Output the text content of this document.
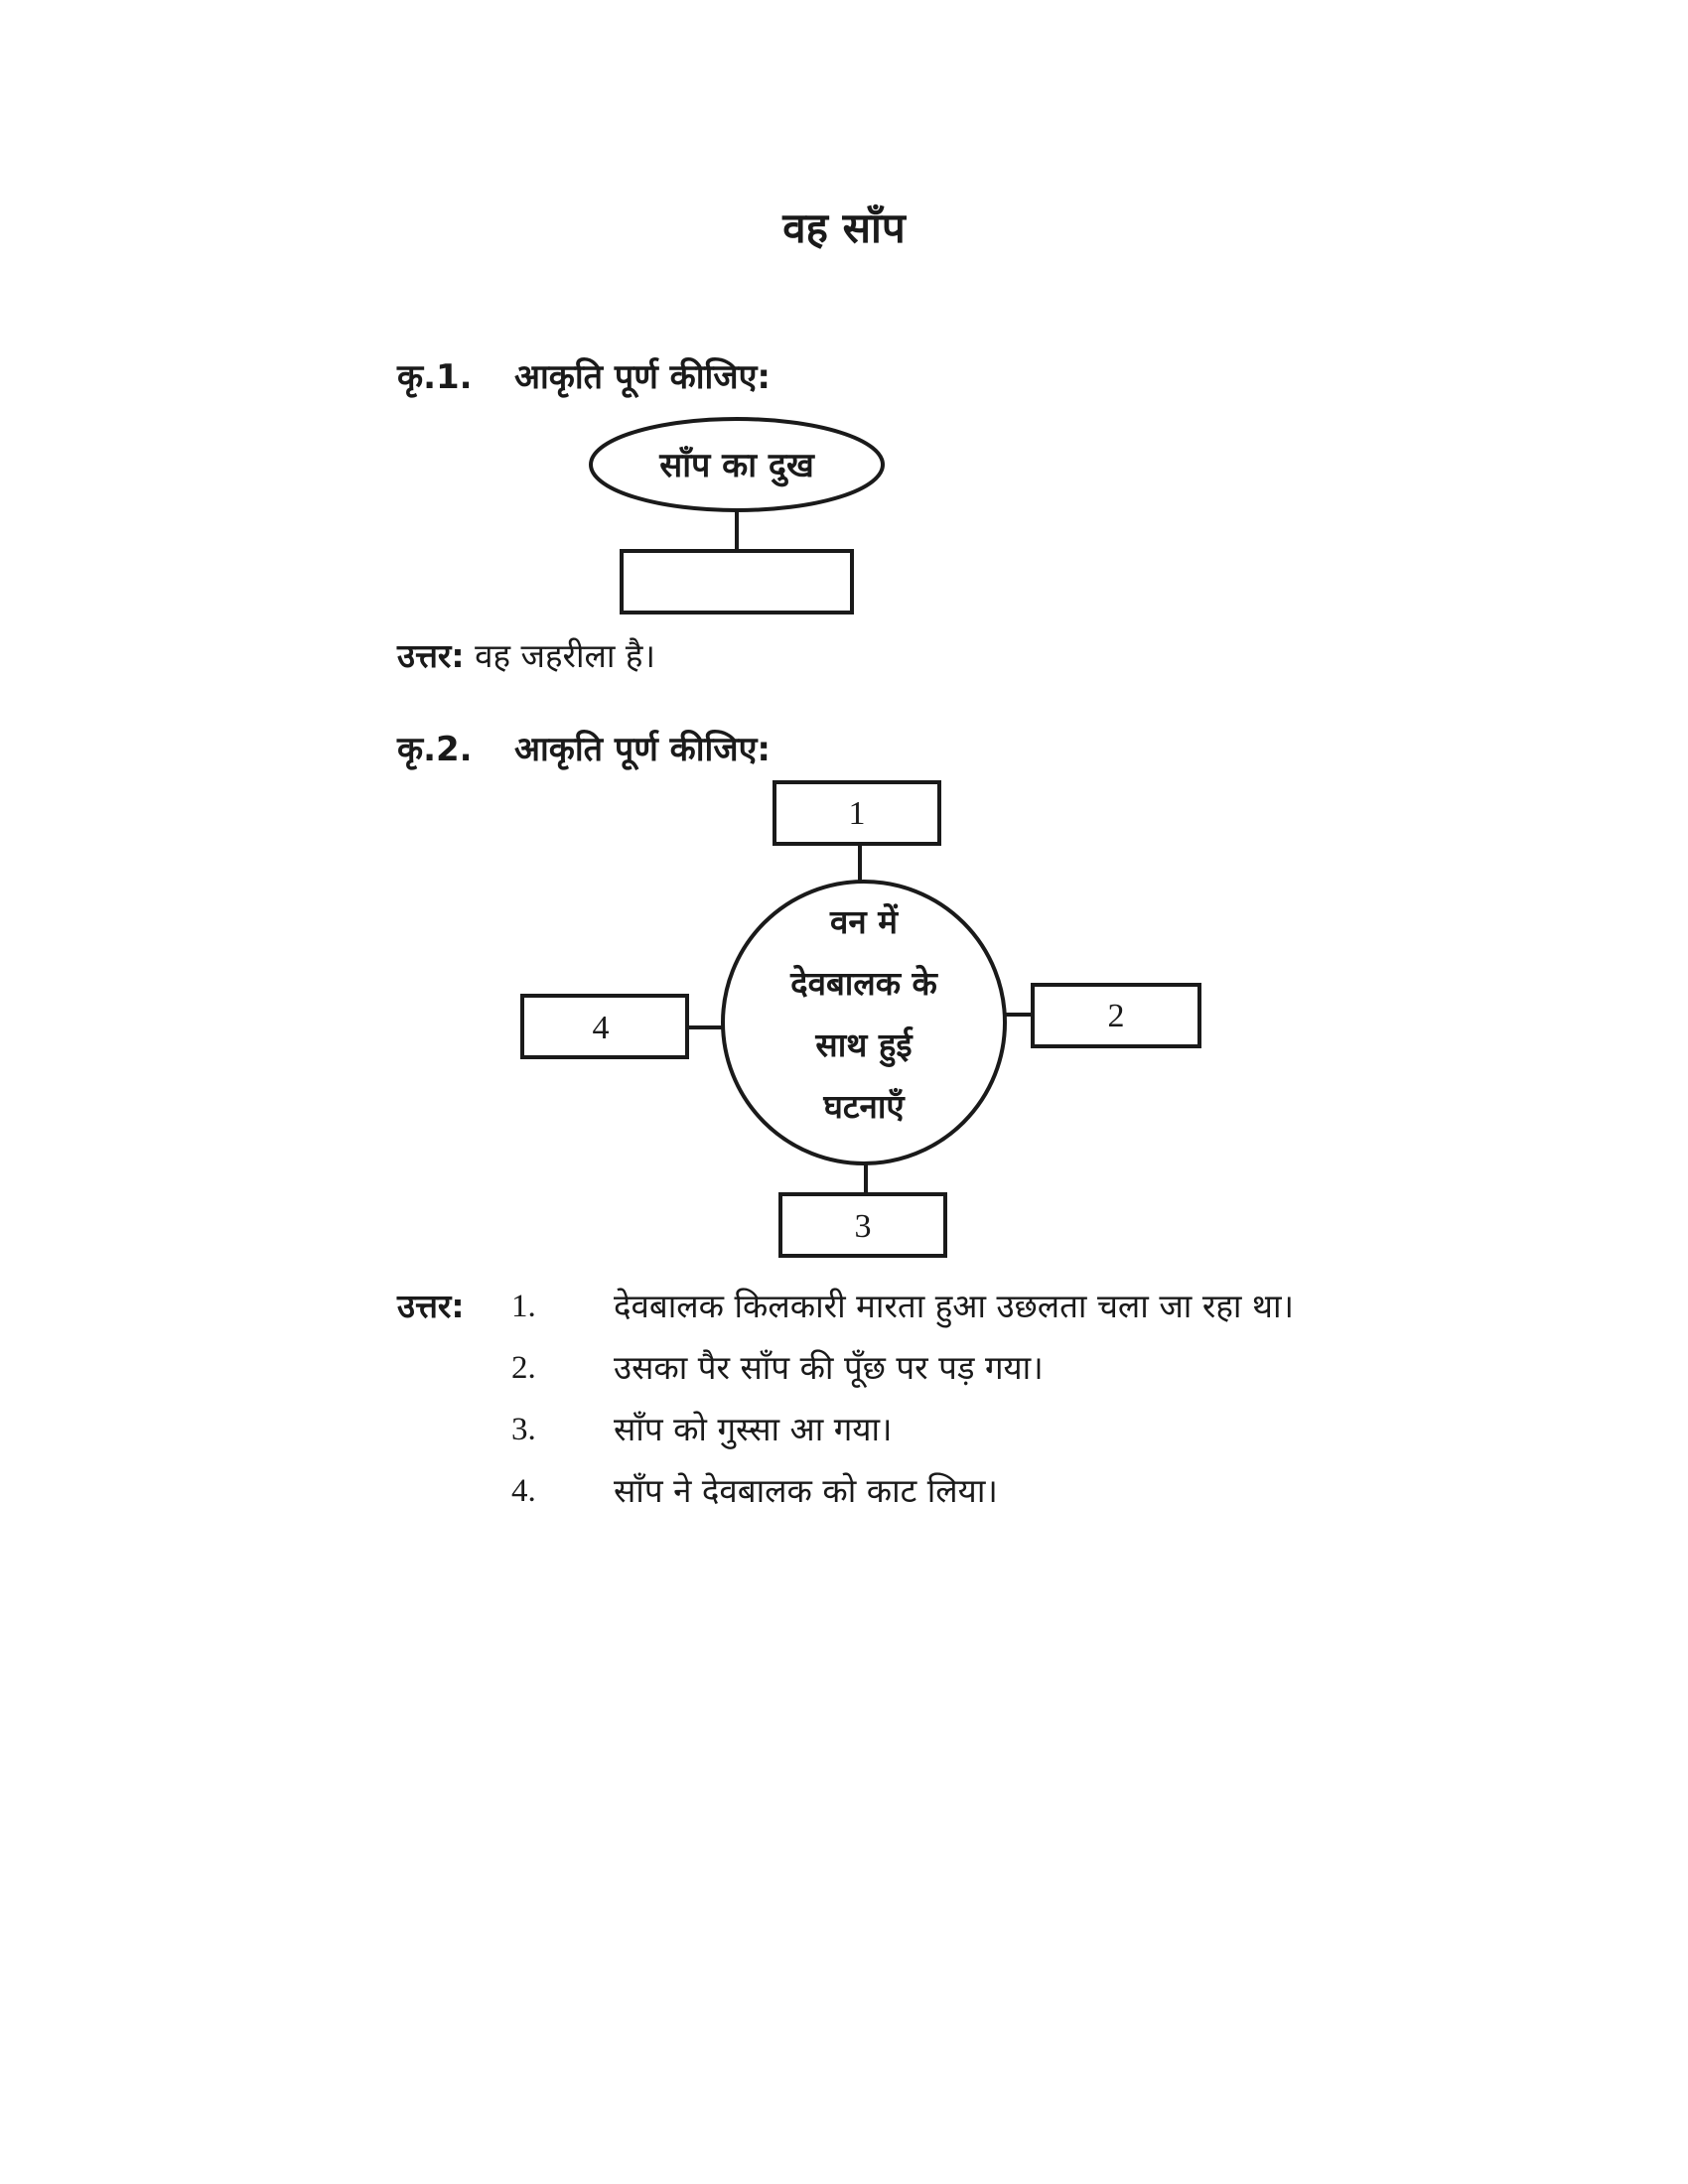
वह साँप
कृ.1. आकृति पूर्ण कीजिए:
साँप का दुख
वन में
देवबालक के
साथ हुई
घटनाएँ
1
2
3
4
उत्तर: वह जहरीला है।
कृ.2. आकृति पूर्ण कीजिए:
उत्तर:	1.	देवबालक किलकारी मारता हुआ उछलता चला जा रहा था।
2.	उसका पैर साँप की पूँछ पर पड़ गया।
3.	साँप को गुस्सा आ गया।
4.	साँप ने देवबालक को काट लिया।
